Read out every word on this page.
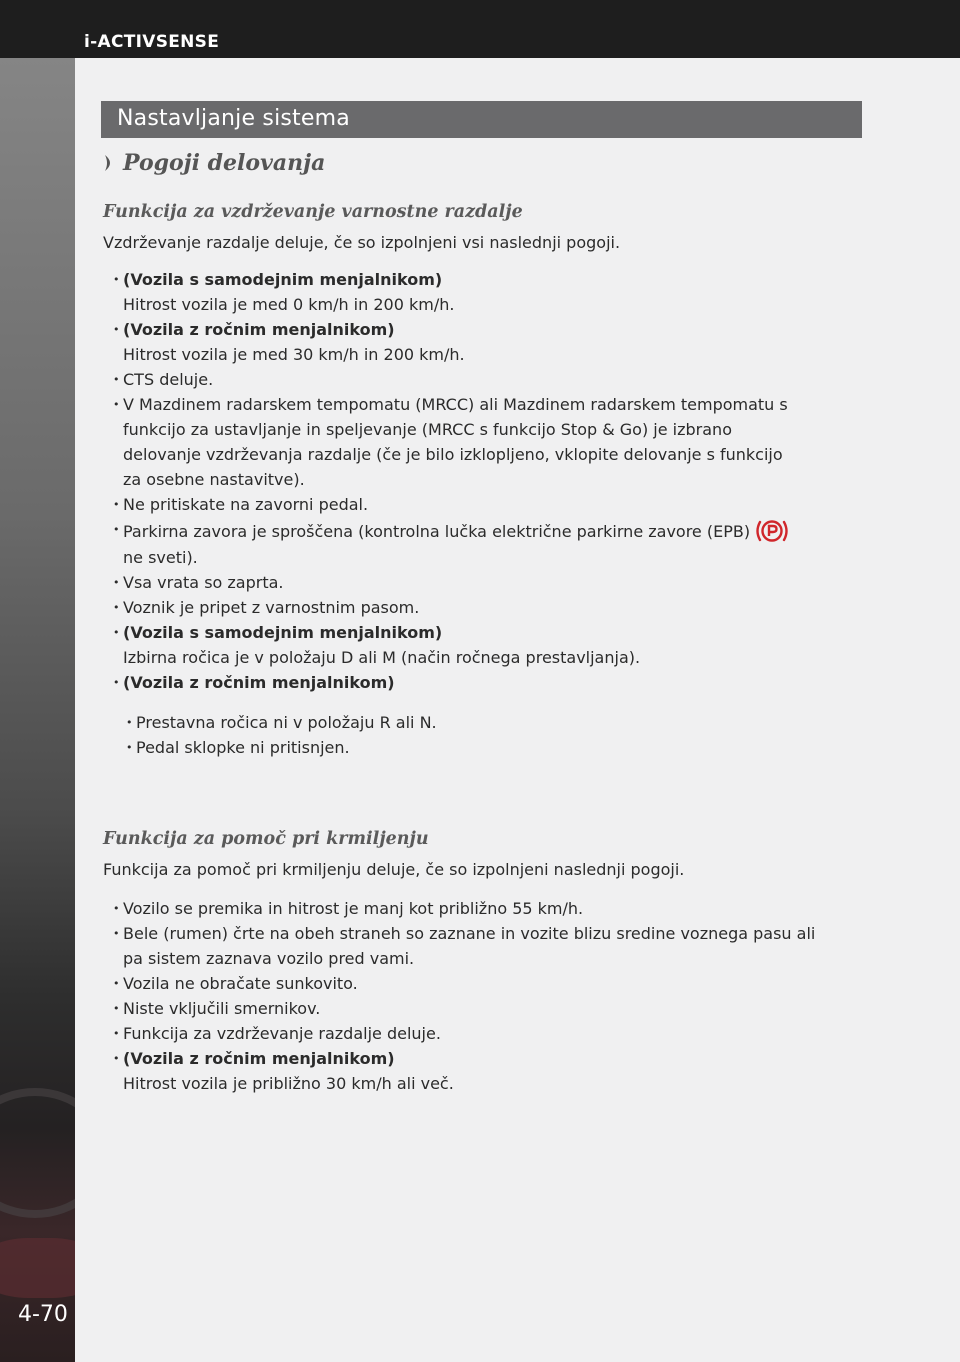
i-ACTIVSENSE
4-70
Nastavljanje sistema
Pogoji delovanja
Funkcija za vzdrževanje varnostne razdalje
Vzdrževanje razdalje deluje, če so izpolnjeni vsi naslednji pogoji.
• (Vozila s samodejnim menjalnikom)
Hitrost vozila je med 0 km/h in 200 km/h.
• (Vozila z ročnim menjalnikom)
Hitrost vozila je med 30 km/h in 200 km/h.
• CTS deluje.
• V Mazdinem radarskem tempomatu (MRCC) ali Mazdinem radarskem tempomatu s funkcijo za ustavljanje in speljevanje (MRCC s funkcijo Stop & Go) je izbrano delovanje vzdrževanja razdalje (če je bilo izklopljeno, vklopite delovanje s funkcijo za osebne nastavitve).
• Ne pritiskate na zavorni pedal.
• Parkirna zavora je sproščena (kontrolna lučka električne parkirne zavore (EPB)
ne sveti).
• Vsa vrata so zaprta.
• Voznik je pripet z varnostnim pasom.
• (Vozila s samodejnim menjalnikom)
Izbirna ročica je v položaju D ali M (način ročnega prestavljanja).
• (Vozila z ročnim menjalnikom)
• Prestavna ročica ni v položaju R ali N.
• Pedal sklopke ni pritisnjen.
Funkcija za pomoč pri krmiljenju
Funkcija za pomoč pri krmiljenju deluje, če so izpolnjeni naslednji pogoji.
• Vozilo se premika in hitrost je manj kot približno 55 km/h.
• Bele (rumen) črte na obeh straneh so zaznane in vozite blizu sredine voznega pasu ali pa sistem zaznava vozilo pred vami.
• Vozila ne obračate sunkovito.
• Niste vključili smernikov.
• Funkcija za vzdrževanje razdalje deluje.
• (Vozila z ročnim menjalnikom)
Hitrost vozila je približno 30 km/h ali več.
